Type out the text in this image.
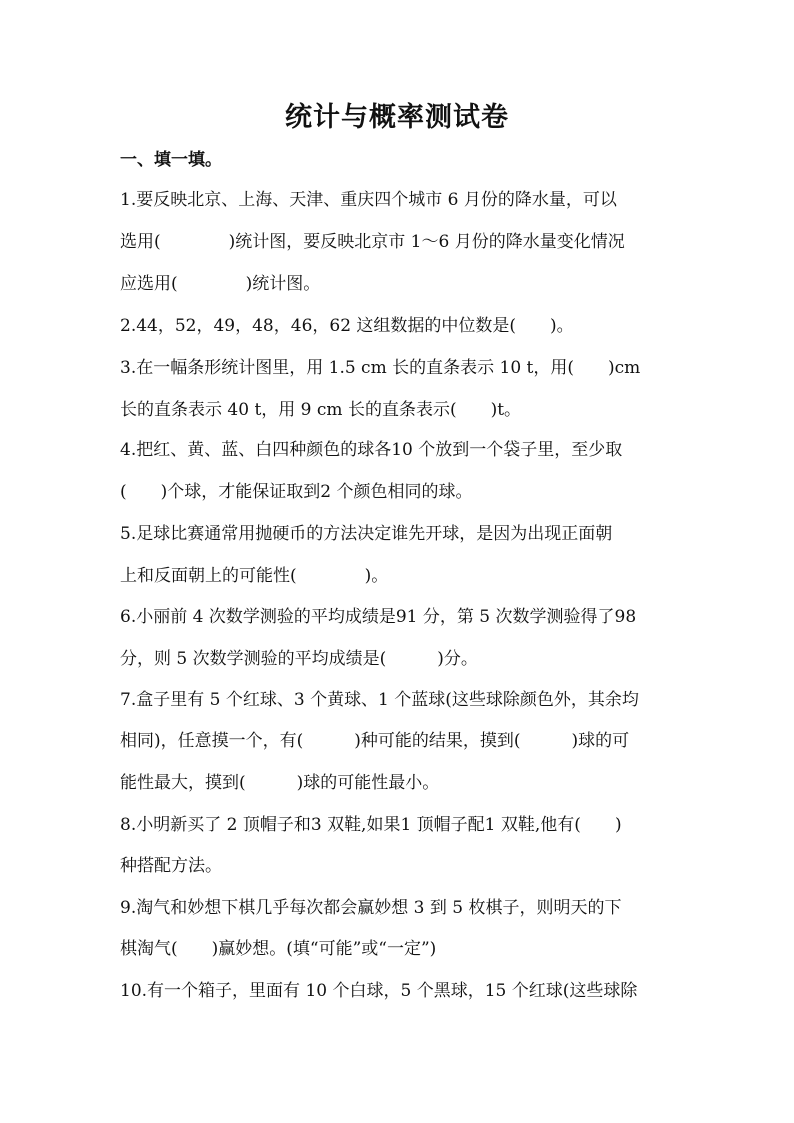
统计与概率测试卷
一、填一填。
1.要反映北京、上海、天津、重庆四个城市 6 月份的降水量，可以
选用(　　　　)统计图，要反映北京市 1～6 月份的降水量变化情况
应选用(　　　　)统计图。
2.44，52，49，48，46，62 这组数据的中位数是(　　)。
3.在一幅条形统计图里，用 1.5 cm 长的直条表示 10 t，用(　　)cm
长的直条表示 40 t，用 9 cm 长的直条表示(　　)t。
4.把红、黄、蓝、白四种颜色的球各10 个放到一个袋子里，至少取
(　　)个球，才能保证取到2 个颜色相同的球。
5.足球比赛通常用抛硬币的方法决定谁先开球，是因为出现正面朝
上和反面朝上的可能性(　　　　)。
6.小丽前 4 次数学测验的平均成绩是91 分，第 5 次数学测验得了98
分，则 5 次数学测验的平均成绩是(　　　)分。
7.盒子里有 5 个红球、3 个黄球、1 个蓝球(这些球除颜色外，其余均
相同)，任意摸一个，有(　　　)种可能的结果，摸到(　　　)球的可
能性最大，摸到(　　　)球的可能性最小。
8.小明新买了 2 顶帽子和3 双鞋,如果1 顶帽子配1 双鞋,他有(　　)
种搭配方法。
9.淘气和妙想下棋几乎每次都会赢妙想 3 到 5 枚棋子，则明天的下
棋淘气(　　)赢妙想。(填“可能”或“一定”)
10.有一个箱子，里面有 10 个白球，5 个黑球，15 个红球(这些球除
